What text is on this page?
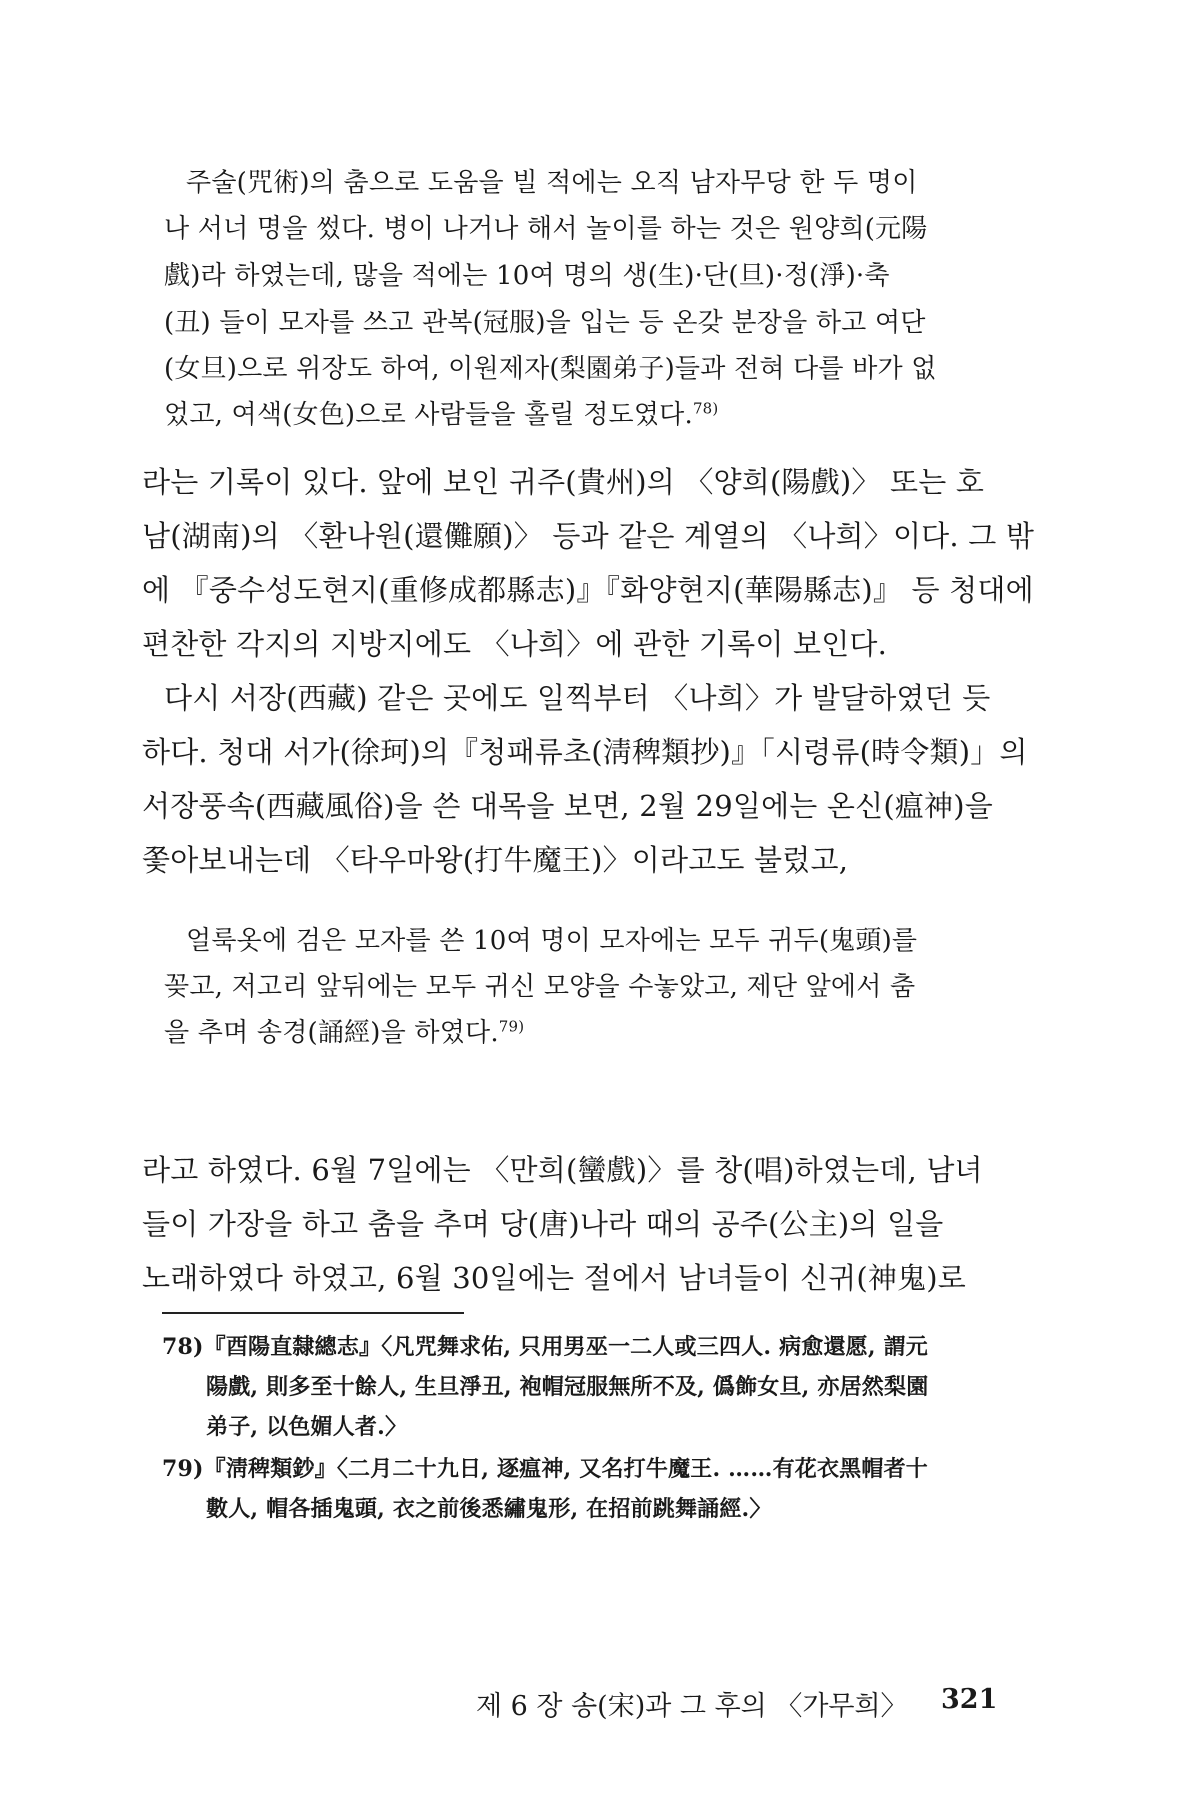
주술(咒術)의 춤으로 도움을 빌 적에는 오직 남자무당 한 두 명이
나 서너 명을 썼다. 병이 나거나 해서 놀이를 하는 것은 원양희(元陽
戲)라 하였는데, 많을 적에는 10여 명의 생(生)·단(旦)·정(淨)·축
(丑) 들이 모자를 쓰고 관복(冠服)을 입는 등 온갖 분장을 하고 여단
(女旦)으로 위장도 하여, 이원제자(梨園弟子)들과 전혀 다를 바가 없
었고, 여색(女色)으로 사람들을 홀릴 정도였다.$^{78)}$
라는 기록이 있다. 앞에 보인 귀주(貴州)의 〈양희(陽戲)〉 또는 호
남(湖南)의 〈환나원(還儺願)〉 등과 같은 계열의 〈나희〉이다. 그 밖
에 『중수성도현지(重修成都縣志)』『화양현지(華陽縣志)』 등 청대에
편찬한 각지의 지방지에도 〈나희〉에 관한 기록이 보인다.
다시 서장(西藏) 같은 곳에도 일찍부터 〈나희〉가 발달하였던 듯
하다. 청대 서가(徐珂)의『청패류초(淸稗類抄)』「시령류(時令類)」의
서장풍속(西藏風俗)을 쓴 대목을 보면, 2월 29일에는 온신(瘟神)을
쫓아보내는데 〈타우마왕(打牛魔王)〉이라고도 불렀고,
얼룩옷에 검은 모자를 쓴 10여 명이 모자에는 모두 귀두(鬼頭)를
꽂고, 저고리 앞뒤에는 모두 귀신 모양을 수놓았고, 제단 앞에서 춤
을 추며 송경(誦經)을 하였다.$^{79)}$
라고 하였다. 6월 7일에는 〈만희(蠻戲)〉를 창(唱)하였는데, 남녀
들이 가장을 하고 춤을 추며 당(唐)나라 때의 공주(公主)의 일을
노래하였다 하였고, 6월 30일에는 절에서 남녀들이 신귀(神鬼)로
78)『酉陽直隸總志』〈凡咒舞求佑, 只用男巫一二人或三四人. 病愈還愿, 謂元
陽戲, 則多至十餘人, 生旦淨丑, 袍帽冠服無所不及, 僞飾女旦, 亦居然梨園
弟子, 以色媚人者.〉
79)『淸稗類鈔』〈二月二十九日, 逐瘟神, 又名打牛魔王. ……有花衣黑帽者十
數人, 帽各插鬼頭, 衣之前後悉繡鬼形, 在招前跳舞誦經.〉
제 6 장 송(宋)과 그 후의 〈가무희〉 321
